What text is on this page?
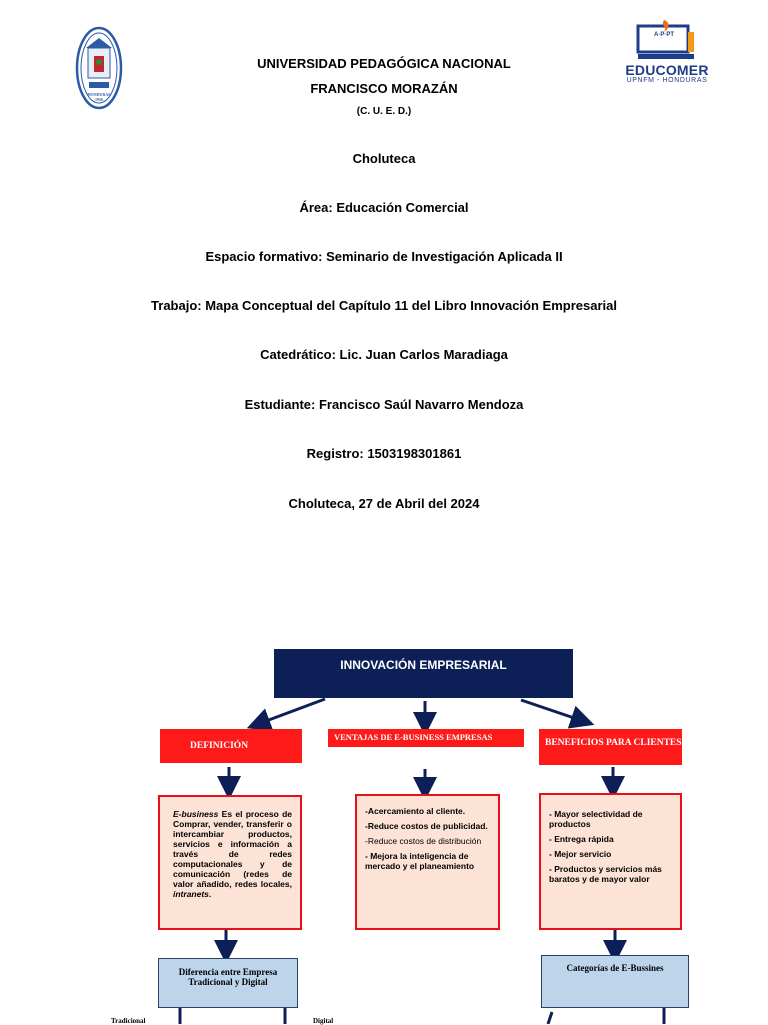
HONDURAS
1956
A·P·PT
EDUCOMER
UPNFM - HONDURAS
UNIVERSIDAD PEDAGÓGICA NACIONAL
FRANCISCO MORAZÁN
(C. U. E. D.)
Choluteca
Área: Educación Comercial
Espacio formativo: Seminario de Investigación Aplicada II
Trabajo: Mapa Conceptual del Capítulo 11 del Libro Innovación Empresarial
Catedrático: Lic. Juan Carlos Maradiaga
Estudiante: Francisco Saúl Navarro Mendoza
Registro: 1503198301861
Choluteca, 27 de Abril del 2024
INNOVACIÓN EMPRESARIAL
DEFINICIÓN
VENTAJAS DE E-BUSINESS EMPRESAS
BENEFICIOS PARA CLIENTES
E-business Es el proceso de Comprar, vender, transferir o intercambiar productos, servicios e información a través de redes computacionales y de comunicación (redes de valor añadido, redes locales, intranets.

-Acercamiento al cliente.

-Reduce costos de publicidad.

-Reduce costos de distribución

- Mejora la inteligencia de mercado y el planeamiento

- Mayor selectividad de productos

- Entrega rápida

- Mejor servicio

- Productos y servicios más baratos y de mayor valor

Diferencia entre Empresa Tradicional y Digital
Categorías de E-Bussines
Tradicional	Digital
